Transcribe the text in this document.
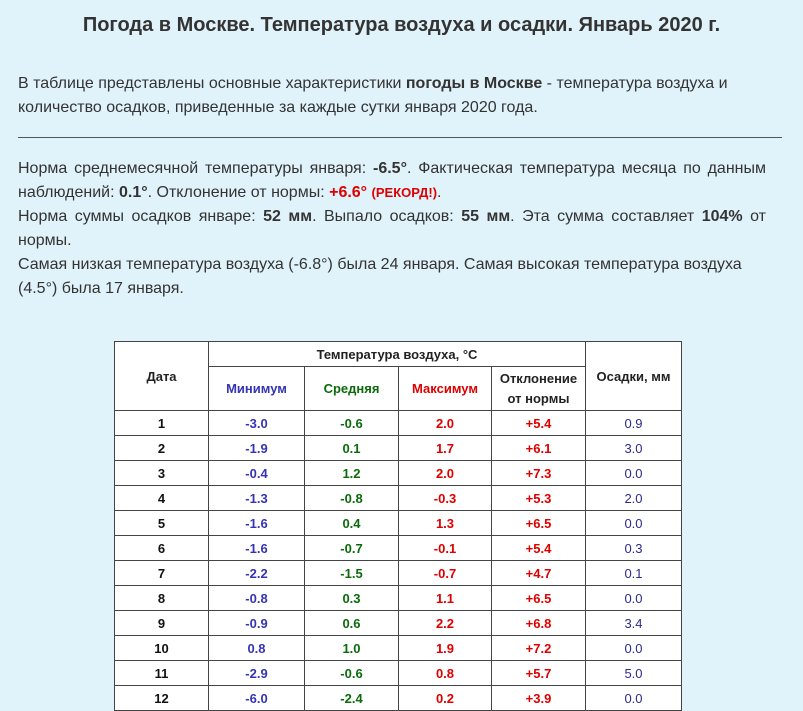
Погода в Москве. Температура воздуха и осадки. Январь 2020 г.

В таблице представлены основные характеристики погоды в Москве - температура воздуха и количество осадков, приведенные за каждые сутки января 2020 года.

Норма среднемесячной температуры января: -6.5°. Фактическая температура месяца по данным наблюдений: 0.1°. Отклонение от нормы: +6.6° (РЕКОРД!).

Норма суммы осадков январе: 52 мм. Выпало осадков: 55 мм. Эта сумма составляет 104% от нормы.

Самая низкая температура воздуха (-6.8°) была 24 января. Самая высокая температура воздуха (4.5°) была 17 января.

Дата	Температура воздуха, °C				Осадки, мм
	Минимум	Средняя	Максимум	Отклонение
от нормы	
1	-3.0	-0.6	2.0	+5.4	0.9
2	-1.9	0.1	1.7	+6.1	3.0
3	-0.4	1.2	2.0	+7.3	0.0
4	-1.3	-0.8	-0.3	+5.3	2.0
5	-1.6	0.4	1.3	+6.5	0.0
6	-1.6	-0.7	-0.1	+5.4	0.3
7	-2.2	-1.5	-0.7	+4.7	0.1
8	-0.8	0.3	1.1	+6.5	0.0
9	-0.9	0.6	2.2	+6.8	3.4
10	0.8	1.0	1.9	+7.2	0.0
11	-2.9	-0.6	0.8	+5.7	5.0
12	-6.0	-2.4	0.2	+3.9	0.0
